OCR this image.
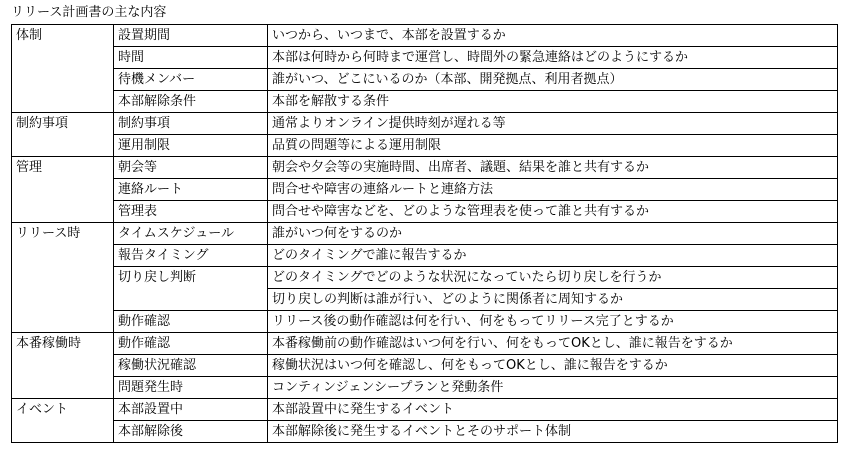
リリース計画書の主な内容
体制	設置期間	いつから、いつまで、本部を設置するか
	時間	本部は何時から何時まで運営し、時間外の緊急連絡はどのようにするか
	待機メンバー	誰がいつ、どこにいるのか（本部、開発拠点、利用者拠点）
	本部解除条件	本部を解散する条件
制約事項	制約事項	通常よりオンライン提供時刻が遅れる等
	運用制限	品質の問題等による運用制限
管理	朝会等	朝会や夕会等の実施時間、出席者、議題、結果を誰と共有するか
	連絡ルート	問合せや障害の連絡ルートと連絡方法
	管理表	問合せや障害などを、どのような管理表を使って誰と共有するか
リリース時	タイムスケジュール	誰がいつ何をするのか
	報告タイミング	どのタイミングで誰に報告するか
	切り戻し判断	どのタイミングでどのような状況になっていたら切り戻しを行うか
		切り戻しの判断は誰が行い、どのように関係者に周知するか
	動作確認	リリース後の動作確認は何を行い、何をもってリリース完了とするか
本番稼働時	動作確認	本番稼働前の動作確認はいつ何を行い、何をもってOKとし、誰に報告をするか
	稼働状況確認	稼働状況はいつ何を確認し、何をもってOKとし、誰に報告をするか
	問題発生時	コンティンジェンシープランと発動条件
イベント	本部設置中	本部設置中に発生するイベント
	本部解除後	本部解除後に発生するイベントとそのサポート体制
